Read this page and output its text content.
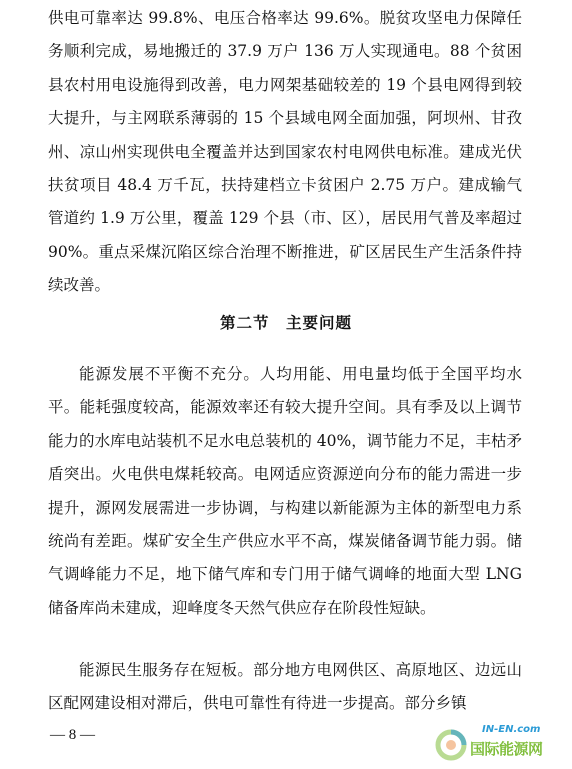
供电可靠率达 99.8%、电压合格率达 99.6%。脱贫攻坚电力保障任务顺利完成，易地搬迁的 37.9 万户 136 万人实现通电。88 个贫困县农村用电设施得到改善，电力网架基础较差的 19 个县电网得到较大提升，与主网联系薄弱的 15 个县域电网全面加强，阿坝州、甘孜州、凉山州实现供电全覆盖并达到国家农村电网供电标准。建成光伏扶贫项目 48.4 万千瓦，扶持建档立卡贫困户 2.75 万户。建成输气管道约 1.9 万公里，覆盖 129 个县（市、区），居民用气普及率超过 90%。重点采煤沉陷区综合治理不断推进，矿区居民生产生活条件持续改善。

第二节　主要问题

能源发展不平衡不充分。人均用能、用电量均低于全国平均水平。能耗强度较高，能源效率还有较大提升空间。具有季及以上调节能力的水库电站装机不足水电总装机的 40%，调节能力不足，丰枯矛盾突出。火电供电煤耗较高。电网适应资源逆向分布的能力需进一步提升，源网发展需进一步协调，与构建以新能源为主体的新型电力系统尚有差距。煤矿安全生产供应水平不高，煤炭储备调节能力弱。储气调峰能力不足，地下储气库和专门用于储气调峰的地面大型 LNG 储备库尚未建成，迎峰度冬天然气供应存在阶段性短缺。

能源民生服务存在短板。部分地方电网供区、高原地区、边远山区配网建设相对滞后，供电可靠性有待进一步提高。部分乡镇

— 8 —	IN-EN.com
国际能源网
